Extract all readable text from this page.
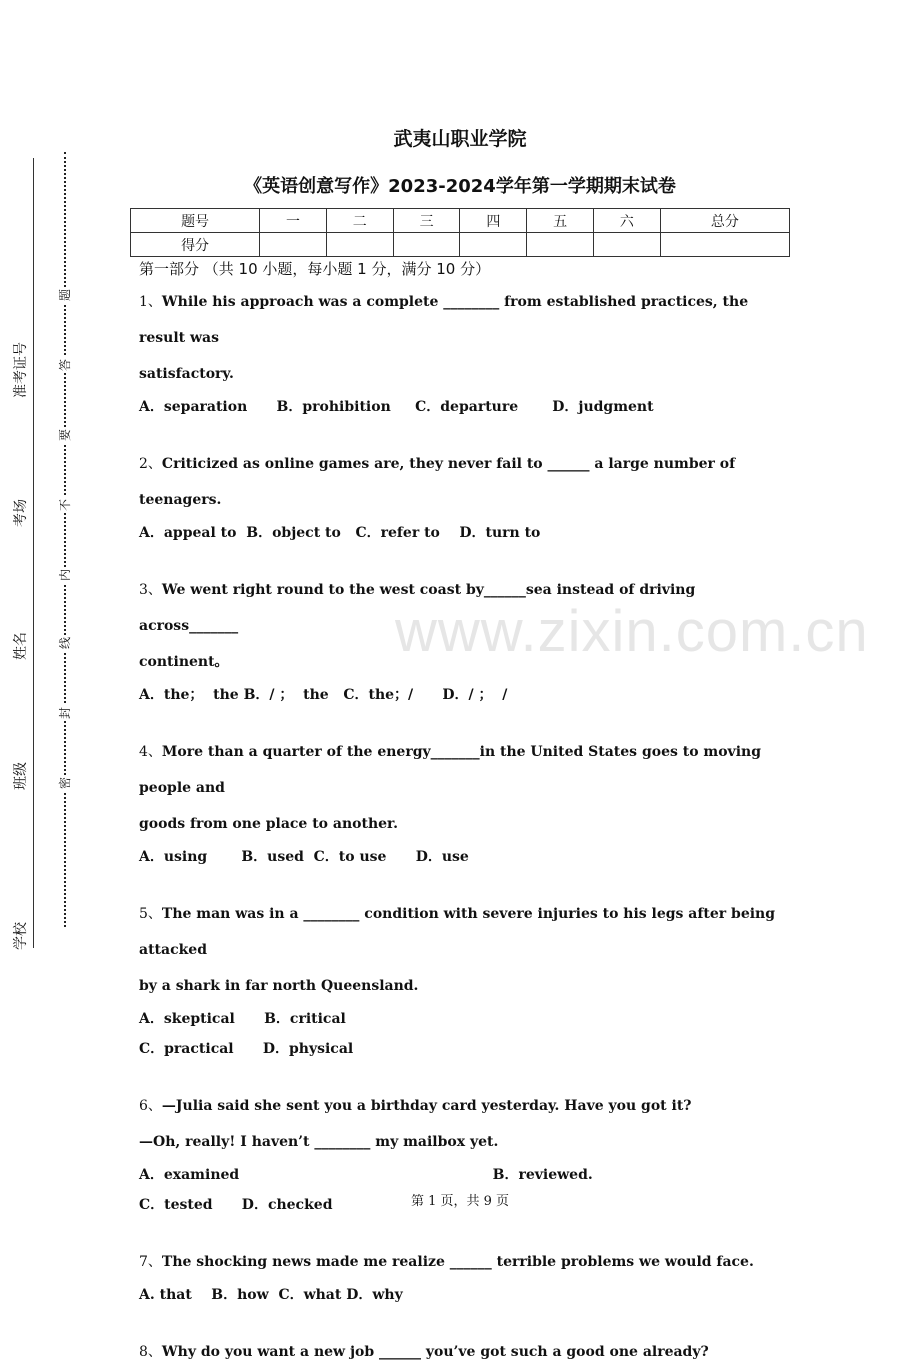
www.zixin.com.cn
题
答
要
不
内
线
封
密
学校
班级
姓名
考场
准考证号
武夷山职业学院
《英语创意写作》2023-2024学年第一学期期末试卷
题号	一	二	三	四	五	六	总分
得分							
第一部分 （共 10 小题，每小题 1 分，满分 10 分）
1、While his approach was a complete ________ from established practices, the result was
satisfactory.
A．separation      B．prohibition     C．departure       D．judgment
2、Criticized as online games are, they never fail to ______ a large number of teenagers.
A．appeal to  B．object to   C．refer to    D．turn to
3、We went right round to the west coast by______sea instead of driving across_______
continent。
A．the；  the B．/ ；  the   C．the；/      D．/ ；  /
4、More than a quarter of the energy_______in the United States goes to moving people and
goods from one place to another.
A．using       B．used  C．to use      D．use
5、The man was in a ________ condition with severe injuries to his legs after being attacked
by a shark in far north Queensland.
A．skeptical      B．critical
C．practical      D．physical
6、—Julia said she sent you a birthday card yesterday. Have you got it?
—Oh, really! I haven’t ________ my mailbox yet.
A．examined                                                    B．reviewed.
C．tested      D．checked
7、The shocking news made me realize ______ terrible problems we would face.
A. that    B．how  C．what D．why
8、Why do you want a new job ______ you’ve got such a good one already?
第 1 页，共 9 页
